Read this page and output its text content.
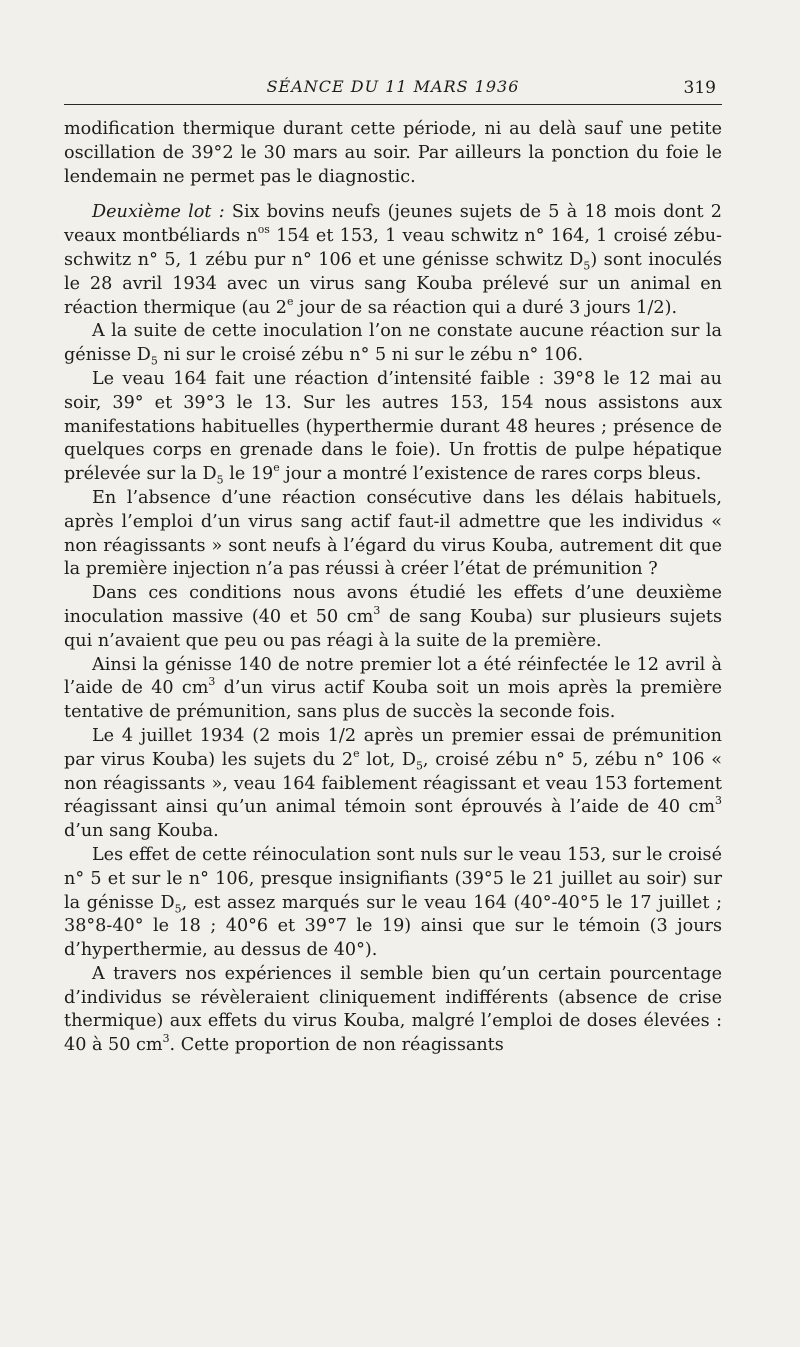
SÉANCE DU 11 MARS 1936	319

modification thermique durant cette période, ni au delà sauf une petite oscillation de 39°2 le 30 mars au soir. Par ailleurs la ponction du foie le lendemain ne permet pas le diagnostic.

Deuxième lot : Six bovins neufs (jeunes sujets de 5 à 18 mois dont 2 veaux montbéliards $n^{os}$ 154 et 153, 1 veau schwitz n° 164, 1 croisé zébu-schwitz n° 5, 1 zébu pur n° 106 et une génisse schwitz $D_5$) sont inoculés le 28 avril 1934 avec un virus sang Kouba prélevé sur un animal en réaction thermique (au 2e jour de sa réaction qui a duré 3 jours 1/2).

A la suite de cette inoculation l’on ne constate aucune réaction sur la génisse $D_5$ ni sur le croisé zébu n° 5 ni sur le zébu n° 106.

Le veau 164 fait une réaction d’intensité faible : 39°8 le 12 mai au soir, 39° et 39°3 le 13. Sur les autres 153, 154 nous assistons aux manifestations habituelles (hyperthermie durant 48 heures ; présence de quelques corps en grenade dans le foie). Un frottis de pulpe hépatique prélevée sur la $D_5$ le 19e jour a montré l’existence de rares corps bleus.

En l’absence d’une réaction consécutive dans les délais habituels, après l’emploi d’un virus sang actif faut-il admettre que les individus « non réagissants » sont neufs à l’égard du virus Kouba, autrement dit que la première injection n’a pas réussi à créer l’état de prémunition ?

Dans ces conditions nous avons étudié les effets d’une deuxième inoculation massive (40 et 50 $cm^3$ de sang Kouba) sur plusieurs sujets qui n’avaient que peu ou pas réagi à la suite de la première.

Ainsi la génisse 140 de notre premier lot a été réinfectée le 12 avril à l’aide de 40 $cm^3$ d’un virus actif Kouba soit un mois après la première tentative de prémunition, sans plus de succès la seconde fois.

Le 4 juillet 1934 (2 mois 1/2 après un premier essai de prémunition par virus Kouba) les sujets du 2e lot, $D_5$, croisé zébu n° 5, zébu n° 106 « non réagissants », veau 164 faiblement réagissant et veau 153 fortement réagissant ainsi qu’un animal témoin sont éprouvés à l’aide de 40 $cm^3$ d’un sang Kouba.

Les effet de cette réinoculation sont nuls sur le veau 153, sur le croisé n° 5 et sur le n° 106, presque insignifiants (39°5 le 21 juillet au soir) sur la génisse $D_5$, est assez marqués sur le veau 164 (40°-40°5 le 17 juillet ; 38°8-40° le 18 ; 40°6 et 39°7 le 19) ainsi que sur le témoin (3 jours d’hyperthermie, au dessus de 40°).

A travers nos expériences il semble bien qu’un certain pourcentage d’individus se révèleraient cliniquement indifférents (absence de crise thermique) aux effets du virus Kouba, malgré l’emploi de doses élevées : 40 à 50 $cm^3$. Cette proportion de non réagissants
